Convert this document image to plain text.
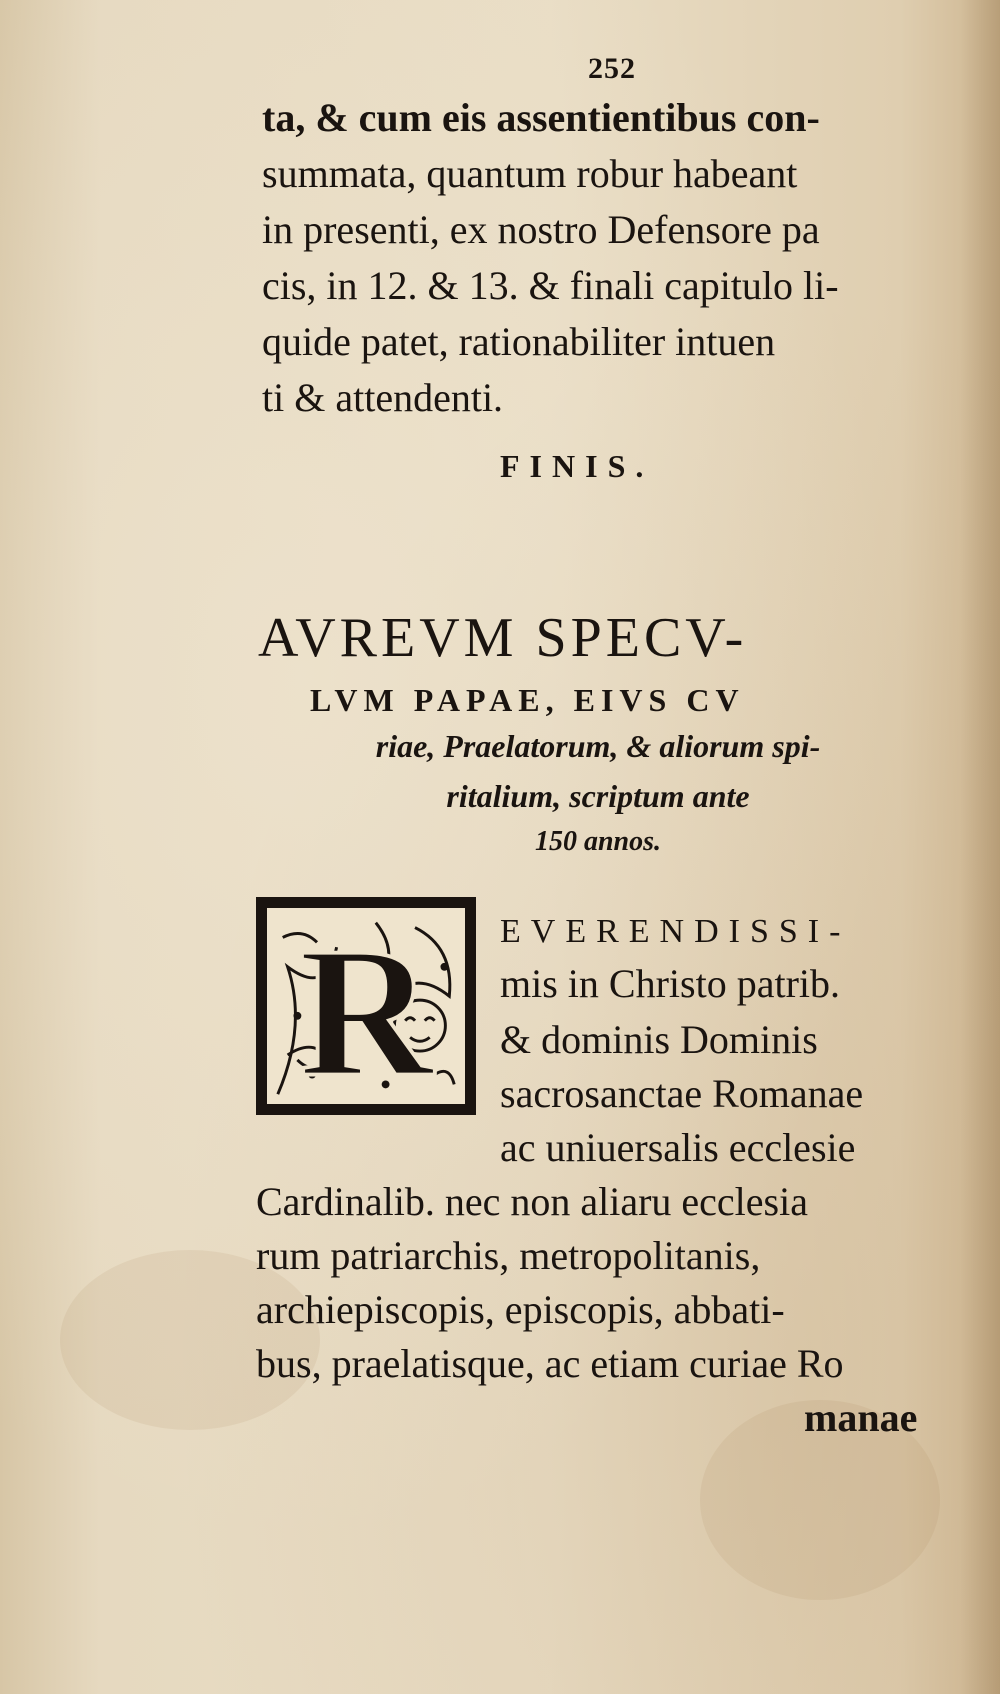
252
ta, & cum eis assentientibus con-
summata, quantum robur habeant
in presenti, ex nostro Defensore pa
cis, in 12. & 13. & finali capitulo li-
quide patet, rationabiliter intuen
ti & attendenti.
FINIS.
AVREVM SPECV-
LVM PAPAE, EIVS CV
riae, Praelatorum, & aliorum spi-
ritalium, scriptum ante
150 annos.
R EVERENDISSI-
mis in Christo patrib.
& dominis Dominis
sacrosanctae Romanae
ac uniuersalis ecclesie
Cardinalib. nec non aliaru ecclesia
rum patriarchis, metropolitanis,
archiepiscopis, episcopis, abbati-
bus, praelatisque, ac etiam curiae Ro
manae
